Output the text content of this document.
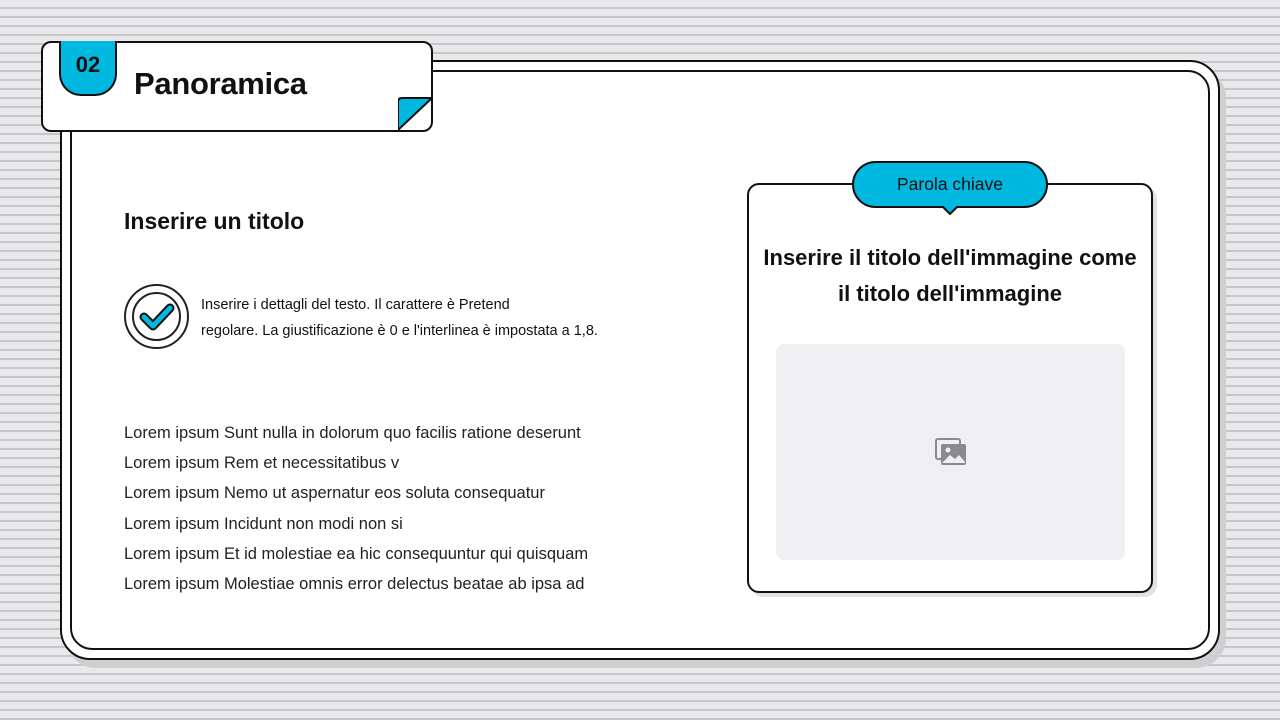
02
Panoramica
Inserire un titolo
Inserire i dettagli del testo. Il carattere è Pretend
regolare. La giustificazione è 0 e l'interlinea è impostata a 1,8.
Lorem ipsum Sunt nulla in dolorum quo facilis ratione deserunt
Lorem ipsum Rem et necessitatibus v
Lorem ipsum Nemo ut aspernatur eos soluta consequatur
Lorem ipsum Incidunt non modi non si
Lorem ipsum Et id molestiae ea hic consequuntur qui quisquam
Lorem ipsum Molestiae omnis error delectus beatae ab ipsa ad
Parola chiave
Inserire il titolo dell'immagine come
il titolo dell'immagine
